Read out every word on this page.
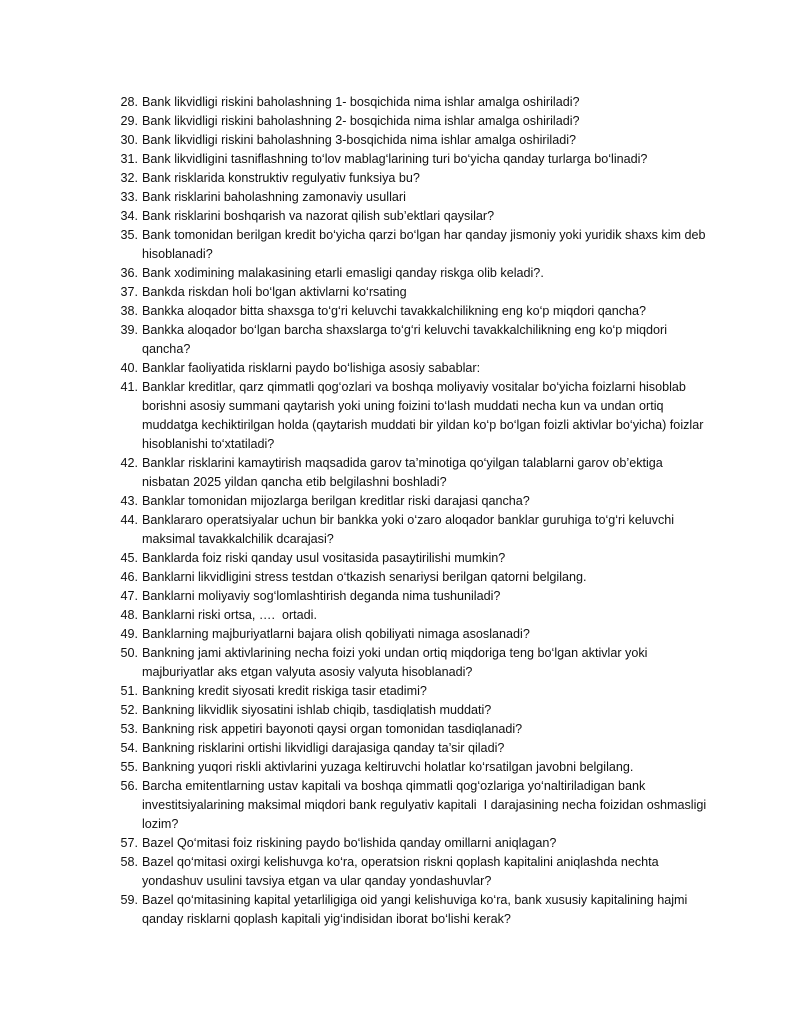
28. Bank likvidligi riskini baholashning 1- bosqichida nima ishlar amalga oshiriladi?
29. Bank likvidligi riskini baholashning 2- bosqichida nima ishlar amalga oshiriladi?
30. Bank likvidligi riskini baholashning 3-bosqichida nima ishlar amalga oshiriladi?
31. Bank likvidligini tasniflashning to‘lov mablag‘larining turi bo‘yicha qanday turlarga bo‘linadi?
32. Bank risklarida konstruktiv regulyativ funksiya bu?
33. Bank risklarini baholashning zamonaviy usullari
34. Bank risklarini boshqarish va nazorat qilish sub’ektlari qaysilar?
35. Bank tomonidan berilgan kredit bo‘yicha qarzi bo‘lgan har qanday jismoniy yoki yuridik shaxs kim deb hisoblanadi?
36. Bank xodimining malakasining etarli emasligi qanday riskga olib keladi?.
37. Bankda riskdan holi bo‘lgan aktivlarni ko‘rsating
38. Bankka aloqador bitta shaxsga to‘g‘ri keluvchi tavakkalchilikning eng ko‘p miqdori qancha?
39. Bankka aloqador bo‘lgan barcha shaxslarga to‘g‘ri keluvchi tavakkalchilikning eng ko‘p miqdori qancha?
40. Banklar faoliyatida risklarni paydo bo‘lishiga asosiy sabablar:
41. Banklar kreditlar, qarz qimmatli qog‘ozlari va boshqa moliyaviy vositalar bo‘yicha foizlarni hisoblab borishni asosiy summani qaytarish yoki uning foizini to‘lash muddati necha kun va undan ortiq muddatga kechiktirilgan holda (qaytarish muddati bir yildan ko‘p bo‘lgan foizli aktivlar bo‘yicha) foizlar hisoblanishi to‘xtatiladi?
42. Banklar risklarini kamaytirish maqsadida garov ta’minotiga qo‘yilgan talablarni garov ob’ektiga nisbatan 2025 yildan qancha etib belgilashni boshladi?
43. Banklar tomonidan mijozlarga berilgan kreditlar riski darajasi qancha?
44. Banklararo operatsiyalar uchun bir bankka yoki o‘zaro aloqador banklar guruhiga to‘g‘ri keluvchi maksimal tavakkalchilik dcarajasi?
45. Banklarda foiz riski qanday usul vositasida pasaytirilishi mumkin?
46. Banklarni likvidligini stress testdan o‘tkazish senariysi berilgan qatorni belgilang.
47. Banklarni moliyaviy sog‘lomlashtirish deganda nima tushuniladi?
48. Banklarni riski ortsa, ….  ortadi.
49. Banklarning majburiyatlarni bajara olish qobiliyati nimaga asoslanadi?
50. Bankning jami aktivlarining necha foizi yoki undan ortiq miqdoriga teng bo‘lgan aktivlar yoki majburiyatlar aks etgan valyuta asosiy valyuta hisoblanadi?
51. Bankning kredit siyosati kredit riskiga tasir etadimi?
52. Bankning likvidlik siyosatini ishlab chiqib, tasdiqlatish muddati?
53. Bankning risk appetiri bayonoti qaysi organ tomonidan tasdiqlanadi?
54. Bankning risklarini ortishi likvidligi darajasiga qanday ta’sir qiladi?
55. Bankning yuqori riskli aktivlarini yuzaga keltiruvchi holatlar ko‘rsatilgan javobni belgilang.
56. Barcha emitentlarning ustav kapitali va boshqa qimmatli qog‘ozlariga yo‘naltiriladigan bank investitsiyalarining maksimal miqdori bank regulyativ kapitali  I darajasining necha foizidan oshmasligi lozim?
57. Bazel Qo‘mitasi foiz riskining paydo bo‘lishida qanday omillarni aniqlagan?
58. Bazel qo‘mitasi oxirgi kelishuvga ko‘ra, operatsion riskni qoplash kapitalini aniqlashda nechta yondashuv usulini tavsiya etgan va ular qanday yondashuvlar?
59. Bazel qo‘mitasining kapital yetarliligiga oid yangi kelishuviga ko‘ra, bank xususiy kapitalining hajmi qanday risklarni qoplash kapitali yig‘indisidan iborat bo‘lishi kerak?
